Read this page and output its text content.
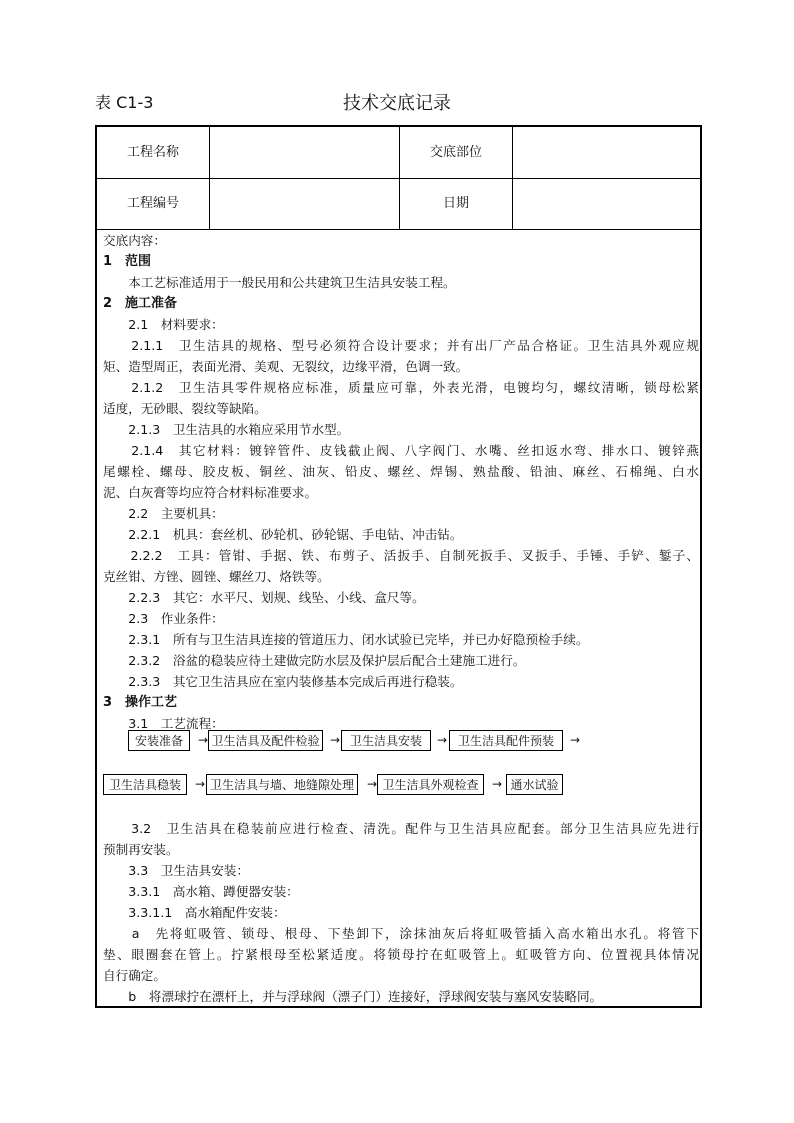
表 C1-3	技术交底记录
工程名称	交底部位
工程编号	日期
交底内容：
1　范围
　　本工艺标准适用于一般民用和公共建筑卫生洁具安装工程。
2　施工准备
　　2.1　材料要求：
　　2.1.1　卫生洁具的规格、型号必须符合设计要求；并有出厂产品合格证。卫生洁具外观应规
矩、造型周正，表面光滑、美观、无裂纹，边缘平滑，色调一致。
　　2.1.2　卫生洁具零件规格应标准，质量应可靠，外表光滑，电镀均匀，螺纹清晰，锁母松紧
适度，无砂眼、裂纹等缺陷。
　　2.1.3　卫生洁具的水箱应采用节水型。
　　2.1.4　其它材料：镀锌管件、皮钱截止阀、八字阀门、水嘴、丝扣返水弯、排水口、镀锌燕
尾螺栓、螺母、胶皮板、铜丝、油灰、铅皮、螺丝、焊锡、熟盐酸、铅油、麻丝、石棉绳、白水
泥、白灰膏等均应符合材料标准要求。
　　2.2　主要机具：
　　2.2.1　机具：套丝机、砂轮机、砂轮锯、手电钻、冲击钻。
　　2.2.2　工具：管钳、手据、铁、布剪子、活扳手、自制死扳手、叉扳手、手锤、手铲、錾子、
克丝钳、方锉、圆锉、螺丝刀、烙铁等。
　　2.2.3　其它：水平尺、划规、线坠、小线、盒尺等。
　　2.3　作业条件：
　　2.3.1　所有与卫生洁具连接的管道压力、闭水试验已完毕，并已办好隐预检手续。
　　2.3.2　浴盆的稳装应待土建做完防水层及保护层后配合土建施工进行。
　　2.3.3　其它卫生洁具应在室内装修基本完成后再进行稳装。
3　操作工艺
　　3.1　工艺流程：
　　3.2　卫生洁具在稳装前应进行检查、清洗。配件与卫生洁具应配套。部分卫生洁具应先进行
预制再安装。
　　3.3　卫生洁具安装：
　　3.3.1　高水箱、蹲便器安装：
　　3.3.1.1　高水箱配件安装：
　　a　先将虹吸管、锁母、根母、下垫卸下，涂抹油灰后将虹吸管插入高水箱出水孔。将管下
垫、眼圈套在管上。拧紧根母至松紧适度。将锁母拧在虹吸管上。虹吸管方向、位置视具体情况
自行确定。
　　b　将漂球拧在漂杆上，并与浮球阀（漂子门）连接好，浮球阀安装与塞风安装略同。
安装准备	→ 卫生洁具及配件检验 → 卫生洁具安装	→ 卫生洁具配件预装	→
卫生洁具稳装	→ 卫生洁具与墙、地缝隙处理	→ 卫生洁具外观检查	→ 通水试验
